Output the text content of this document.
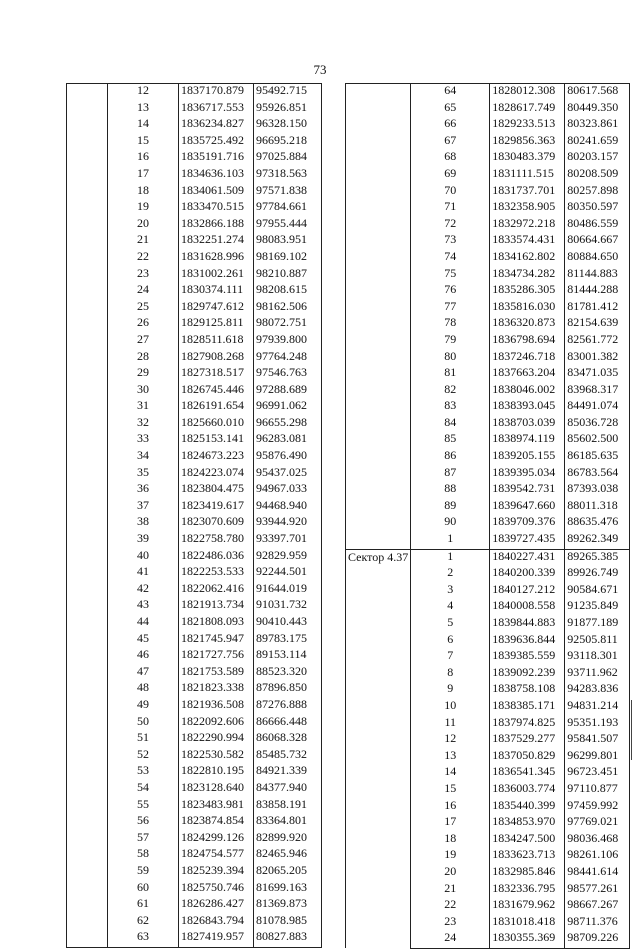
73
	12	1837170.879	95492.715
	13	1836717.553	95926.851
	14	1836234.827	96328.150
	15	1835725.492	96695.218
	16	1835191.716	97025.884
	17	1834636.103	97318.563
	18	1834061.509	97571.838
	19	1833470.515	97784.661
	20	1832866.188	97955.444
	21	1832251.274	98083.951
	22	1831628.996	98169.102
	23	1831002.261	98210.887
	24	1830374.111	98208.615
	25	1829747.612	98162.506
	26	1829125.811	98072.751
	27	1828511.618	97939.800
	28	1827908.268	97764.248
	29	1827318.517	97546.763
	30	1826745.446	97288.689
	31	1826191.654	96991.062
	32	1825660.010	96655.298
	33	1825153.141	96283.081
	34	1824673.223	95876.490
	35	1824223.074	95437.025
	36	1823804.475	94967.033
	37	1823419.617	94468.940
	38	1823070.609	93944.920
	39	1822758.780	93397.701
	40	1822486.036	92829.959
	41	1822253.533	92244.501
	42	1822062.416	91644.019
	43	1821913.734	91031.732
	44	1821808.093	90410.443
	45	1821745.947	89783.175
	46	1821727.756	89153.114
	47	1821753.589	88523.320
	48	1821823.338	87896.850
	49	1821936.508	87276.888
	50	1822092.606	86666.448
	51	1822290.994	86068.328
	52	1822530.582	85485.732
	53	1822810.195	84921.339
	54	1823128.640	84377.940
	55	1823483.981	83858.191
	56	1823874.854	83364.801
	57	1824299.126	82899.920
	58	1824754.577	82465.946
	59	1825239.394	82065.205
	60	1825750.746	81699.163
	61	1826286.427	81369.873
	62	1826843.794	81078.985
	63	1827419.957	80827.883
	64	1828012.308	80617.568
	65	1828617.749	80449.350
	66	1829233.513	80323.861
	67	1829856.363	80241.659
	68	1830483.379	80203.157
	69	1831111.515	80208.509
	70	1831737.701	80257.898
	71	1832358.905	80350.597
	72	1832972.218	80486.559
	73	1833574.431	80664.667
	74	1834162.802	80884.650
	75	1834734.282	81144.883
	76	1835286.305	81444.288
	77	1835816.030	81781.412
	78	1836320.873	82154.639
	79	1836798.694	82561.772
	80	1837246.718	83001.382
	81	1837663.204	83471.035
	82	1838046.002	83968.317
	83	1838393.045	84491.074
	84	1838703.039	85036.728
	85	1838974.119	85602.500
	86	1839205.155	86185.635
	87	1839395.034	86783.564
	88	1839542.731	87393.038
	89	1839647.660	88011.318
	90	1839709.376	88635.476
	1	1839727.435	89262.349

Сектор 4.37	1	1840227.431	89265.385
	2	1840200.339	89926.749
	3	1840127.212	90584.671
	4	1840008.558	91235.849
	5	1839844.883	91877.189
	6	1839636.844	92505.811
	7	1839385.559	93118.301
	8	1839092.239	93711.962
	9	1838758.108	94283.836
	10	1838385.171	94831.214
	11	1837974.825	95351.193
	12	1837529.277	95841.507
	13	1837050.829	96299.801
	14	1836541.345	96723.451
	15	1836003.774	97110.877
	16	1835440.399	97459.992
	17	1834853.970	97769.021
	18	1834247.500	98036.468
	19	1833623.713	98261.106
	20	1832985.846	98441.614
	21	1832336.795	98577.261
	22	1831679.962	98667.267
	23	1831018.418	98711.376
	24	1830355.369	98709.226
